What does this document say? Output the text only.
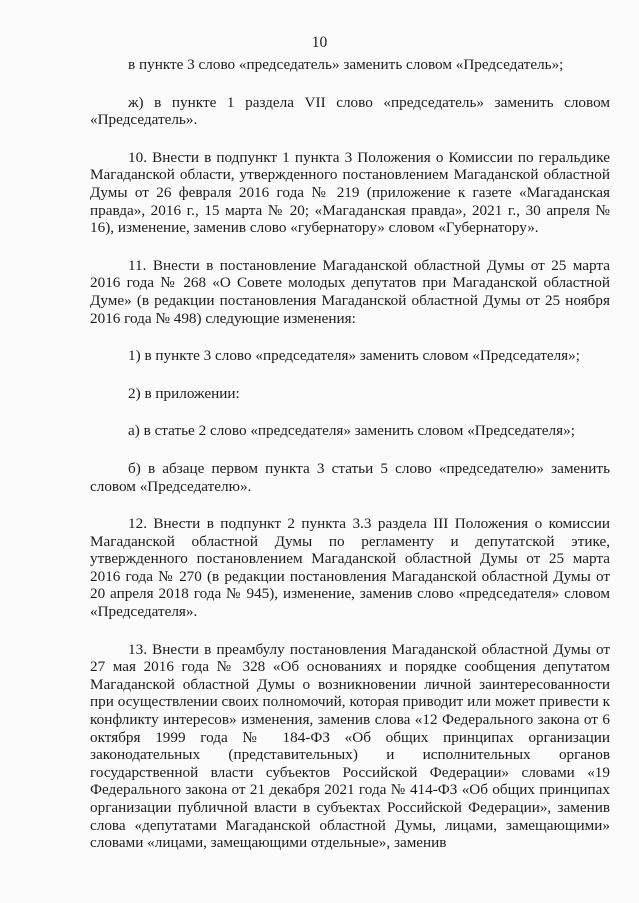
10

в пункте 3 слово «председатель» заменить словом «Председатель»;

ж) в пункте 1 раздела VII слово «председатель» заменить словом «Председатель».

10. Внести в подпункт 1 пункта 3 Положения о Комиссии по геральдике Магаданской области, утвержденного постановлением Магаданской областной Думы от 26 февраля 2016 года № 219 (приложение к газете «Магаданская правда», 2016 г., 15 марта № 20; «Магаданская правда», 2021 г., 30 апреля № 16), изменение, заменив слово «губернатору» словом «Губернатору».

11. Внести в постановление Магаданской областной Думы от 25 марта 2016 года № 268 «О Совете молодых депутатов при Магаданской областной Думе» (в редакции постановления Магаданской областной Думы от 25 ноября 2016 года № 498) следующие изменения:

1) в пункте 3 слово «председателя» заменить словом «Председателя»;

2) в приложении:

а) в статье 2 слово «председателя» заменить словом «Председателя»;

б) в абзаце первом пункта 3 статьи 5 слово «председателю» заменить словом «Председателю».

12. Внести в подпункт 2 пункта 3.3 раздела III Положения о комиссии Магаданской областной Думы по регламенту и депутатской этике, утвержденного постановлением Магаданской областной Думы от 25 марта 2016 года № 270 (в редакции постановления Магаданской областной Думы от 20 апреля 2018 года № 945), изменение, заменив слово «председателя» словом «Председателя».

13. Внести в преамбулу постановления Магаданской областной Думы от 27 мая 2016 года № 328 «Об основаниях и порядке сообщения депутатом Магаданской областной Думы о возникновении личной заинтересованности при осуществлении своих полномочий, которая приводит или может привести к конфликту интересов» изменения, заменив слова «12 Федерального закона от 6 октября 1999 года № 184-ФЗ «Об общих принципах организации законодательных (представительных) и исполнительных органов государственной власти субъектов Российской Федерации» словами «19 Федерального закона от 21 декабря 2021 года № 414-ФЗ «Об общих принципах организации публичной власти в субъектах Российской Федерации», заменив слова «депутатами Магаданской областной Думы, лицами, замещающими» словами «лицами, замещающими отдельные», заменив
